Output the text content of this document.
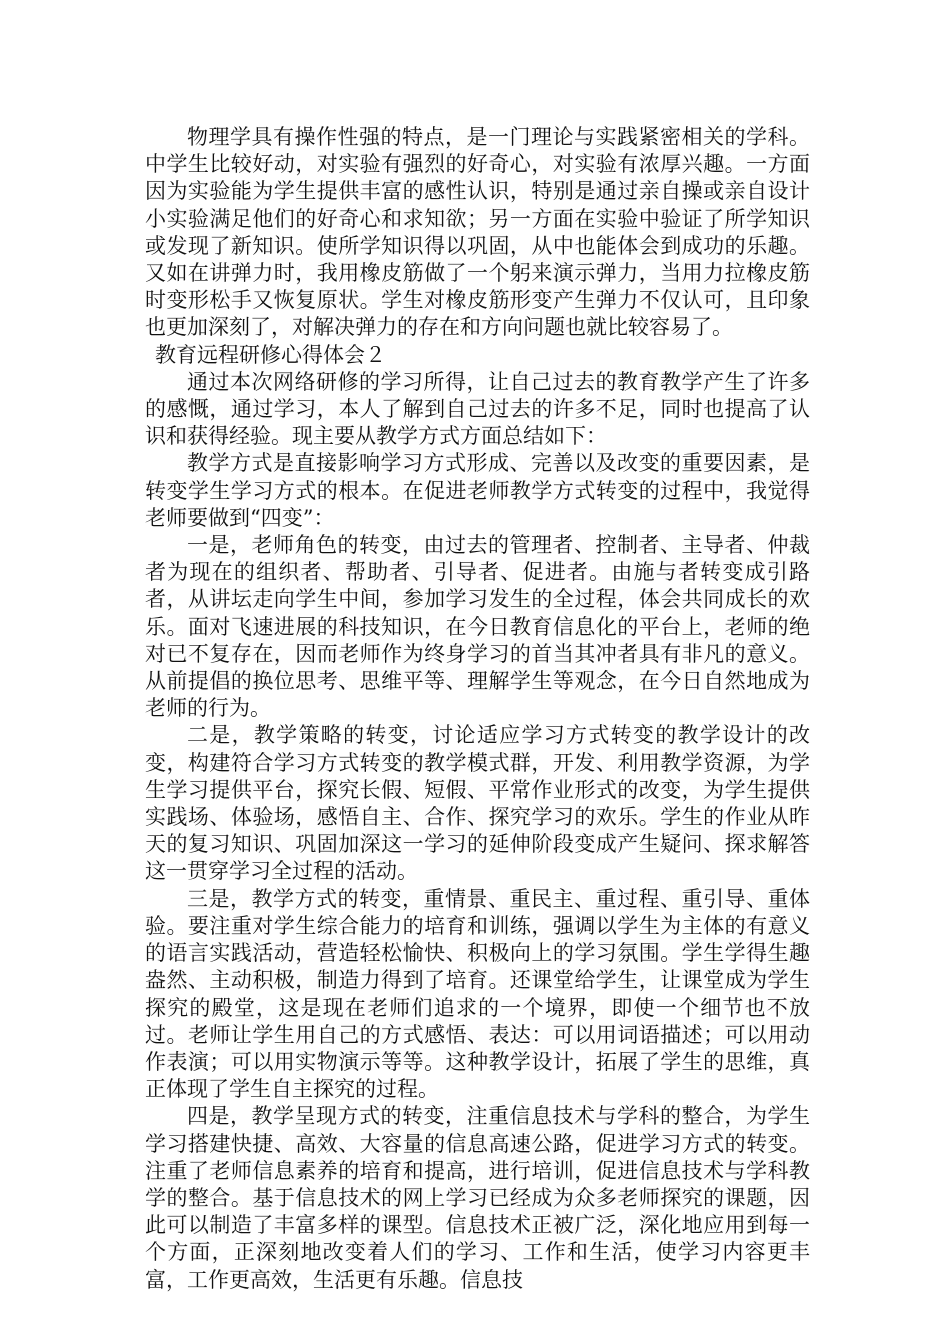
物理学具有操作性强的特点，是一门理论与实践紧密相关的学科。中学生比较好动，对实验有强烈的好奇心，对实验有浓厚兴趣。一方面因为实验能为学生提供丰富的感性认识，特别是通过亲自操或亲自设计小实验满足他们的好奇心和求知欲；另一方面在实验中验证了所学知识或发现了新知识。使所学知识得以巩固，从中也能体会到成功的乐趣。又如在讲弹力时，我用橡皮筋做了一个躬来演示弹力，当用力拉橡皮筋时变形松手又恢复原状。学生对橡皮筋形变产生弹力不仅认可，且印象也更加深刻了，对解决弹力的存在和方向问题也就比较容易了。

教育远程研修心得体会２

通过本次网络研修的学习所得，让自己过去的教育教学产生了许多的感慨，通过学习，本人了解到自己过去的许多不足，同时也提高了认识和获得经验。现主要从教学方式方面总结如下：

教学方式是直接影响学习方式形成、完善以及改变的重要因素，是转变学生学习方式的根本。在促进老师教学方式转变的过程中，我觉得老师要做到“四变”：

一是，老师角色的转变，由过去的管理者、控制者、主导者、仲裁者为现在的组织者、帮助者、引导者、促进者。由施与者转变成引路者，从讲坛走向学生中间，参加学习发生的全过程，体会共同成长的欢乐。面对飞速进展的科技知识，在今日教育信息化的平台上，老师的绝对已不复存在，因而老师作为终身学习的首当其冲者具有非凡的意义。从前提倡的换位思考、思维平等、理解学生等观念，在今日自然地成为老师的行为。

二是，教学策略的转变，讨论适应学习方式转变的教学设计的改变，构建符合学习方式转变的教学模式群，开发、利用教学资源，为学生学习提供平台，探究长假、短假、平常作业形式的改变，为学生提供实践场、体验场，感悟自主、合作、探究学习的欢乐。学生的作业从昨天的复习知识、巩固加深这一学习的延伸阶段变成产生疑问、探求解答这一贯穿学习全过程的活动。

三是，教学方式的转变，重情景、重民主、重过程、重引导、重体验。要注重对学生综合能力的培育和训练，强调以学生为主体的有意义的语言实践活动，营造轻松愉快、积极向上的学习氛围。学生学得生趣盎然、主动积极，制造力得到了培育。还课堂给学生，让课堂成为学生探究的殿堂，这是现在老师们追求的一个境界，即使一个细节也不放过。老师让学生用自己的方式感悟、表达：可以用词语描述；可以用动作表演；可以用实物演示等等。这种教学设计，拓展了学生的思维，真正体现了学生自主探究的过程。

四是，教学呈现方式的转变，注重信息技术与学科的整合，为学生学习搭建快捷、高效、大容量的信息高速公路，促进学习方式的转变。注重了老师信息素养的培育和提高，进行培训，促进信息技术与学科教学的整合。基于信息技术的网上学习已经成为众多老师探究的课题，因此可以制造了丰富多样的课型。信息技术正被广泛，深化地应用到每一个方面，正深刻地改变着人们的学习、工作和生活，使学习内容更丰富，工作更高效，生活更有乐趣。信息技
